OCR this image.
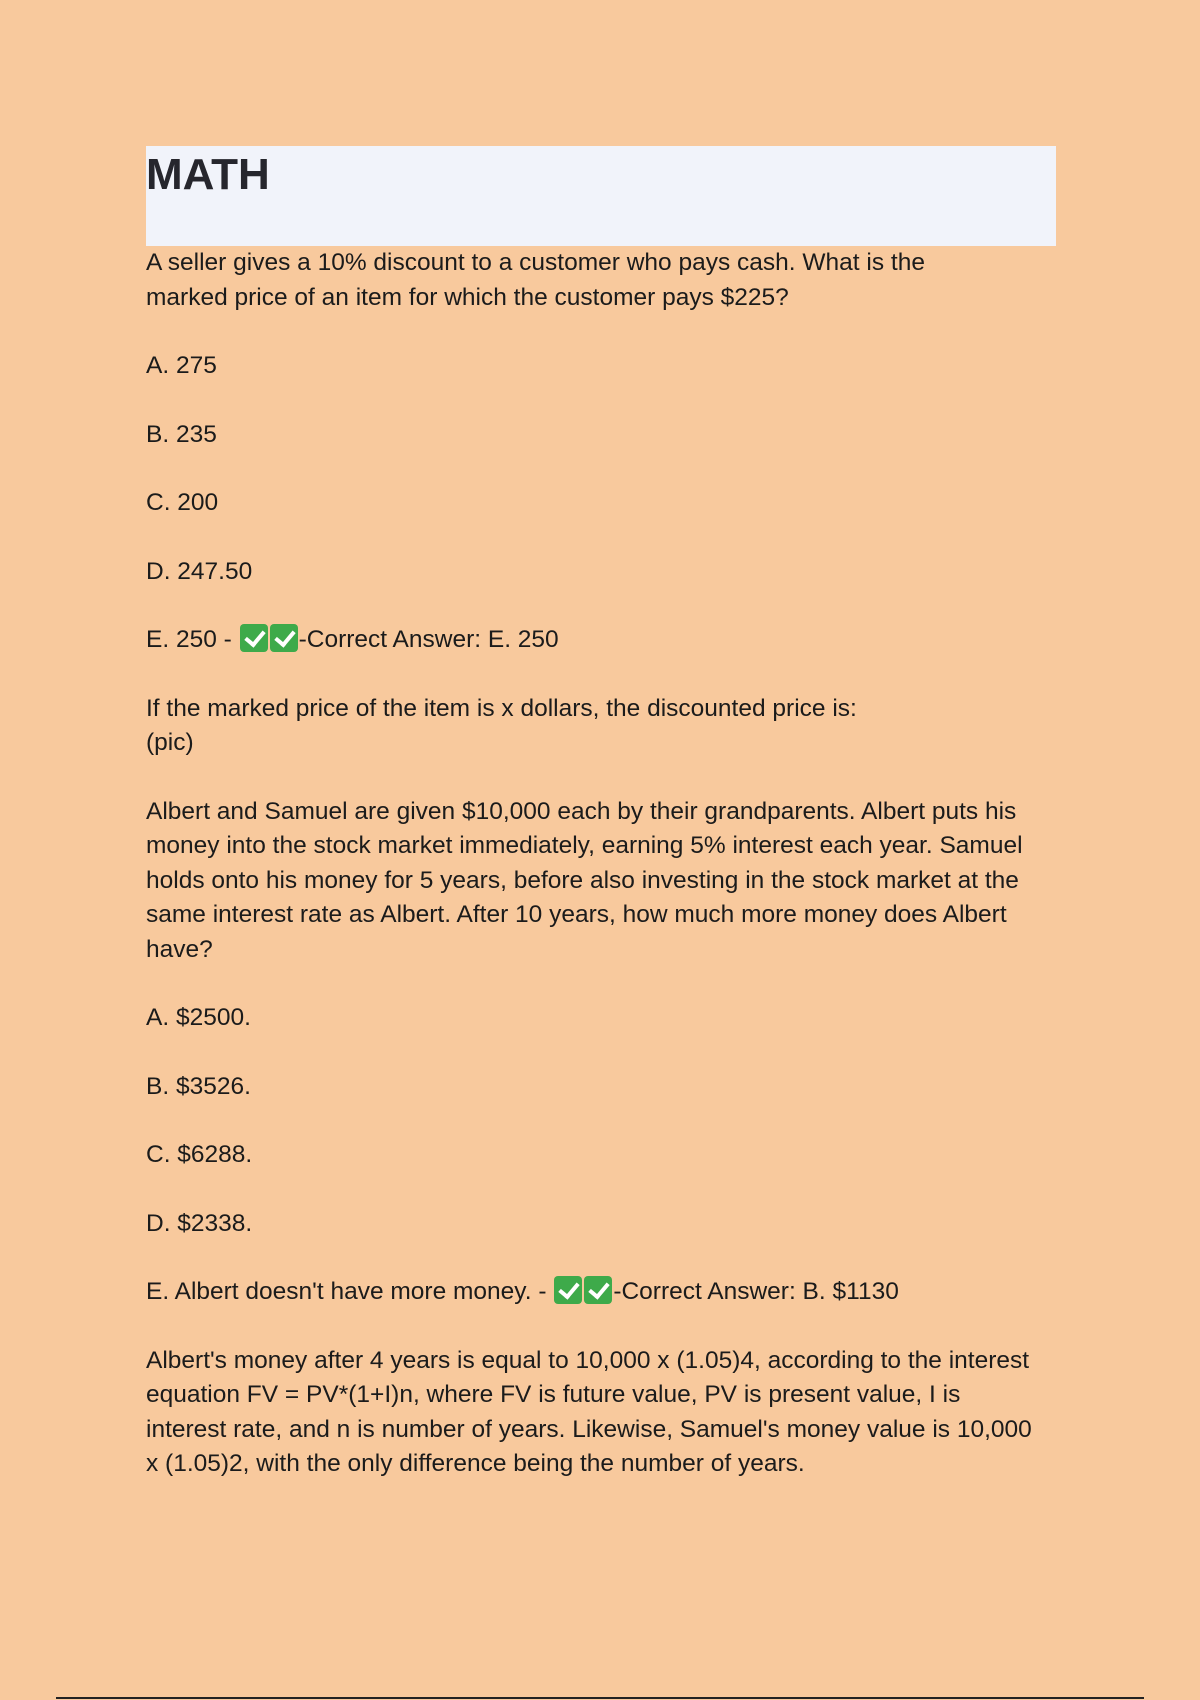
MATH

A seller gives a 10% discount to a customer who pays cash. What is the marked price of an item for which the customer pays $225?

A. 275

B. 235

C. 200

D. 247.50

E. 250 - -Correct Answer: E. 250

If the marked price of the item is x dollars, the discounted price is:
(pic)

Albert and Samuel are given $10,000 each by their grandparents. Albert puts his money into the stock market immediately, earning 5% interest each year. Samuel holds onto his money for 5 years, before also investing in the stock market at the same interest rate as Albert. After 10 years, how much more money does Albert have?

A. $2500.

B. $3526.

C. $6288.

D. $2338.

E. Albert doesn't have more money. - -Correct Answer: B. $1130

Albert's money after 4 years is equal to 10,000 x (1.05)4, according to the interest equation FV = PV*(1+I)n, where FV is future value, PV is present value, I is interest rate, and n is number of years. Likewise, Samuel's money value is 10,000 x (1.05)2, with the only difference being the number of years.
